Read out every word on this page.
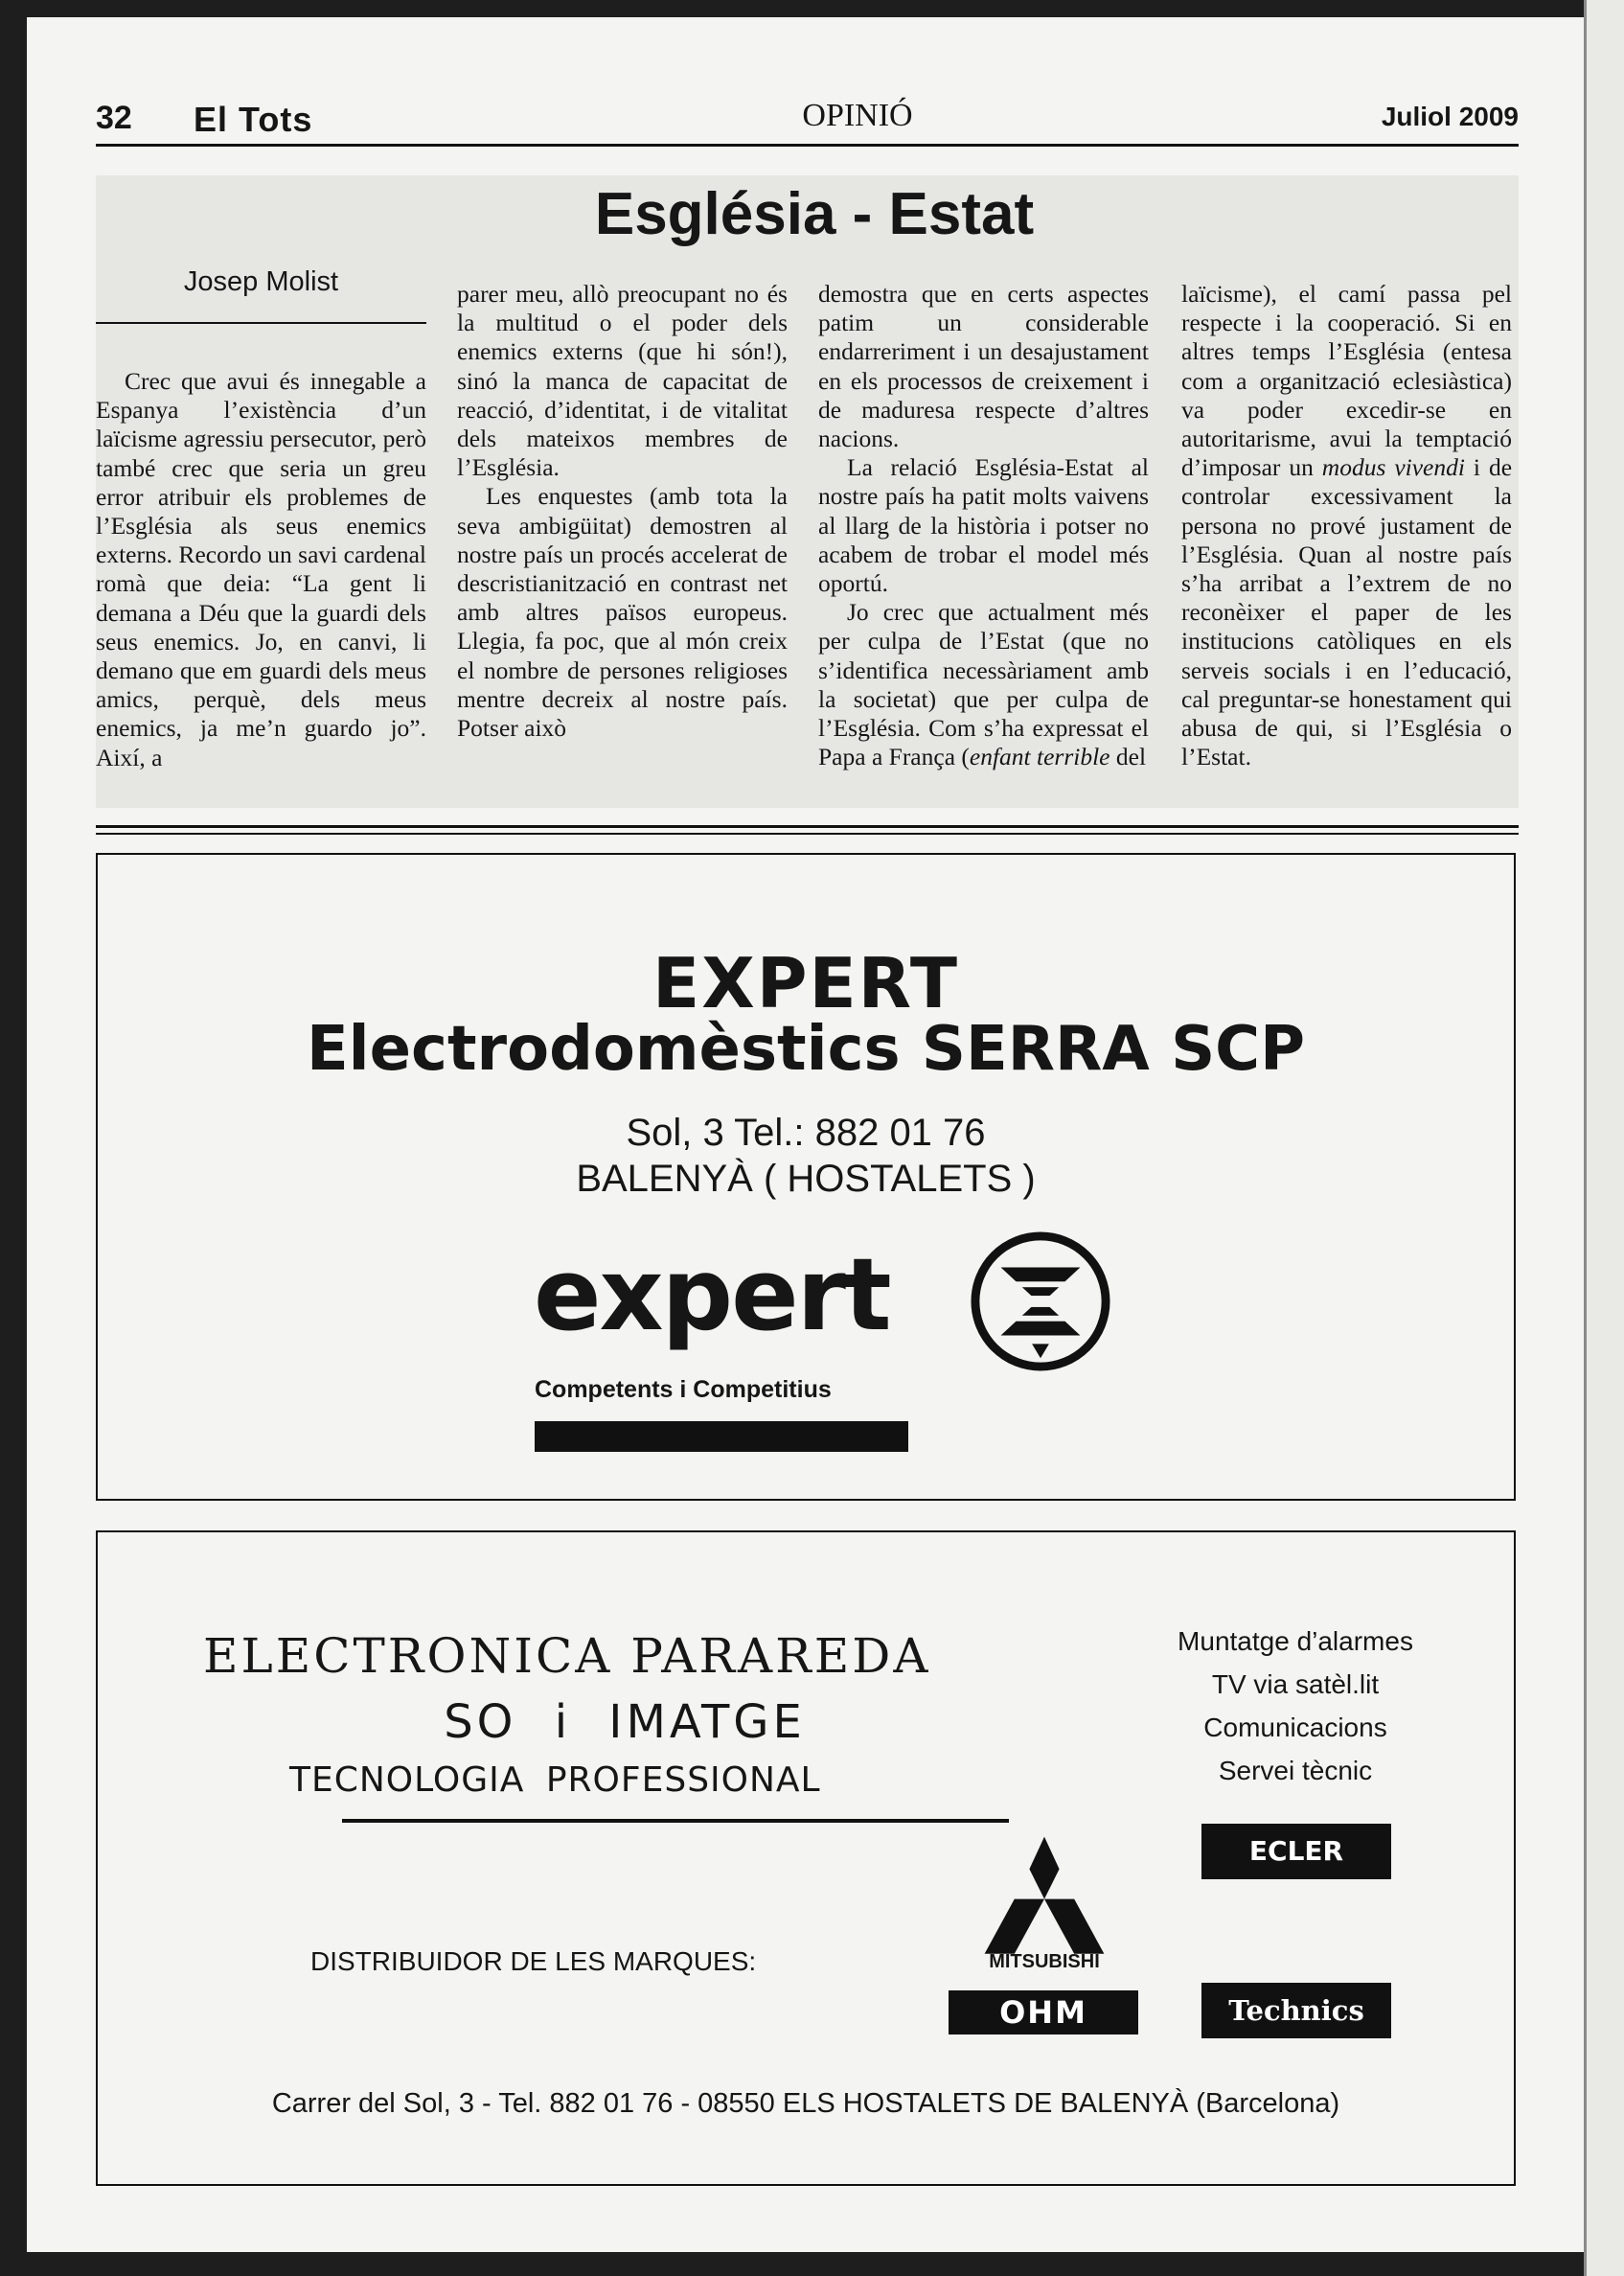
32 El Tots	OPINIÓ	Juliol 2009
Església - Estat
Josep Molist

Crec que avui és innegable a Espanya l’existència d’un laïcisme agressiu persecutor, però també crec que seria un greu error atribuir els problemes de l’Església als seus enemics externs. Recordo un savi cardenal romà que deia: “La gent li demana a Déu que la guardi dels seus enemics. Jo, en canvi, li demano que em guardi dels meus amics, perquè, dels meus enemics, ja me’n guardo jo”. Així, a

parer meu, allò preocupant no és la multitud o el poder dels enemics externs (que hi són!), sinó la manca de capacitat de reacció, d’identitat, i de vitalitat dels mateixos membres de l’Església.

Les enquestes (amb tota la seva ambigüitat) demostren al nostre país un procés accelerat de descristianització en contrast net amb altres països europeus. Llegia, fa poc, que al món creix el nombre de persones religioses mentre decreix al nostre país. Potser això

demostra que en certs aspectes patim un considerable endarreriment i un desajustament en els processos de creixement i de maduresa respecte d’altres nacions.

La relació Església-Estat al nostre país ha patit molts vaivens al llarg de la història i potser no acabem de trobar el model més oportú.

Jo crec que actualment més per culpa de l’Estat (que no s’identifica necessàriament amb la societat) que per culpa de l’Església. Com s’ha expressat el Papa a França (enfant terrible del

laïcisme), el camí passa pel respecte i la cooperació. Si en altres temps l’Església (entesa com a organització eclesiàstica) va poder excedir-se en autoritarisme, avui la temptació d’imposar un modus vivendi i de controlar excessivament la persona no prové justament de l’Església. Quan al nostre país s’ha arribat a l’extrem de no reconèixer el paper de les institucions catòliques en els serveis socials i en l’educació, cal preguntar-se honestament qui abusa de qui, si l’Església o l’Estat.

EXPERT
Electrodomèstics SERRA SCP
Sol, 3 Tel.: 882 01 76
BALENYÀ ( HOSTALETS )
expert
Competents i Competitius
ELECTRONICA PARAREDA
SO i IMATGE
TECNOLOGIA PROFESSIONAL
Muntatge d’alarmes
TV via satèl.lit
Comunicacions
Servei tècnic
DISTRIBUIDOR DE LES MARQUES:	MITSUBISHI
ECLER
OHM	Technics
Carrer del Sol, 3 - Tel. 882 01 76 - 08550 ELS HOSTALETS DE BALENYÀ (Barcelona)
